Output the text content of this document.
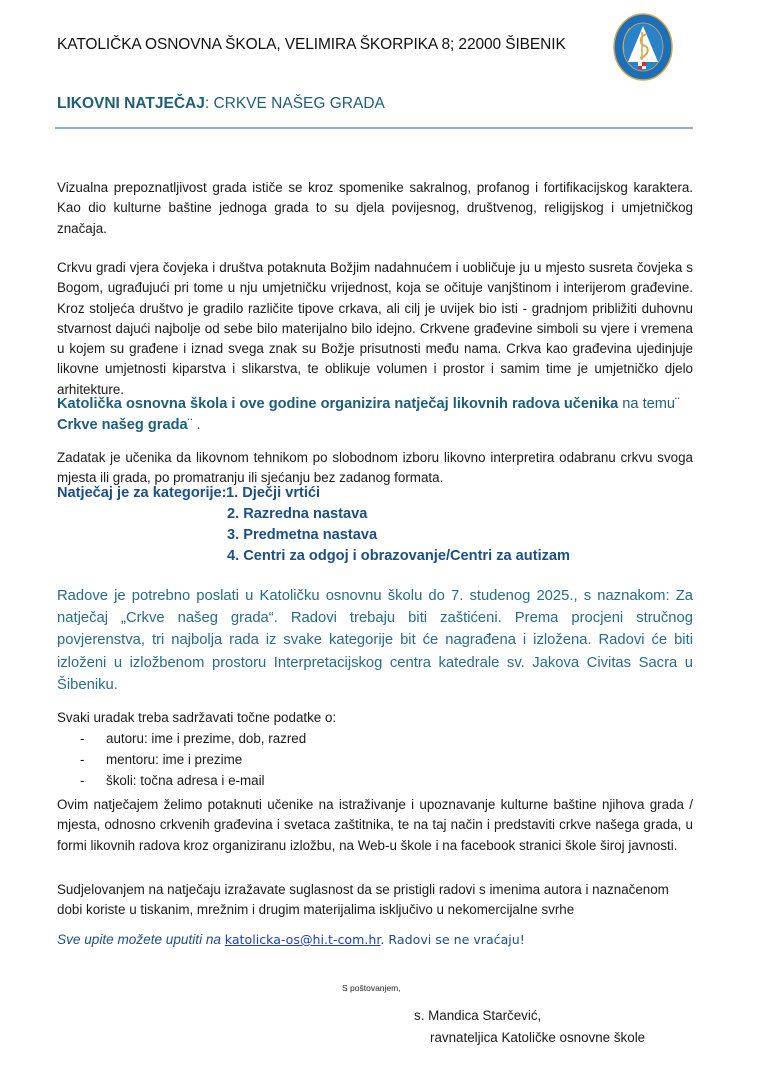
KATOLIČKA OSNOVNA ŠKOLA, VELIMIRA ŠKORPIKA 8; 22000 ŠIBENIK
LIKOVNI NATJEČAJ: CRKVE NAŠEG GRADA
Vizualna prepoznatljivost grada ističe se kroz spomenike sakralnog, profanog i fortifikacijskog karaktera. Kao dio kulturne baštine jednoga grada to su djela povijesnog, društvenog, religijskog i umjetničkog značaja.
Crkvu gradi vjera čovjeka i društva potaknuta Božjim nadahnućem i uobličuje ju u mjesto susreta čovjeka s Bogom, ugrađujući pri tome u nju umjetničku vrijednost, koja se očituje vanjštinom i interijerom građevine. Kroz stoljeća društvo je gradilo različite tipove crkava, ali cilj je uvijek bio isti - gradnjom približiti duhovnu stvarnost dajući najbolje od sebe bilo materijalno bilo idejno. Crkvene građevine simboli su vjere i vremena u kojem su građene i iznad svega znak su Božje prisutnosti među nama. Crkva kao građevina ujedinjuje likovne umjetnosti kiparstva i slikarstva, te oblikuje volumen i prostor i samim time je umjetničko djelo arhitekture.
Katolička osnovna škola i ove godine organizira natječaj likovnih radova učenika na temu¨ Crkve našeg grada¨ .
Zadatak je učenika da likovnom tehnikom po slobodnom izboru likovno interpretira odabranu crkvu svoga mjesta ili grada, po promatranju ili sjećanju bez zadanog formata.
Natječaj je za kategorije: 1. Dječji vrtići
2. Razredna nastava
3. Predmetna nastava
4. Centri za odgoj i obrazovanje/Centri za autizam
Radove je potrebno poslati u Katoličku osnovnu školu do 7. studenog 2025., s naznakom: Za natječaj „Crkve našeg grada“. Radovi trebaju biti zaštićeni. Prema procjeni stručnog povjerenstva, tri najbolja rada iz svake kategorije bit će nagrađena i izložena. Radovi će biti izloženi u izložbenom prostoru Interpretacijskog centra katedrale sv. Jakova Civitas Sacra u Šibeniku.
Svaki uradak treba sadržavati točne podatke o:
- autoru: ime i prezime, dob, razred
- mentoru: ime i prezime
- školi: točna adresa i e-mail
Ovim natječajem želimo potaknuti učenike na istraživanje i upoznavanje kulturne baštine njihova grada / mjesta, odnosno crkvenih građevina i svetaca zaštitnika, te na taj način i predstaviti crkve našega grada, u formi likovnih radova kroz organiziranu izložbu, na Web-u škole i na facebook stranici škole široj javnosti.
Sudjelovanjem na natječaju izražavate suglasnost da se pristigli radovi s imenima autora i naznačenom dobi koriste u tiskanim, mrežnim i drugim materijalima isključivo u nekomercijalne svrhe
Sve upite možete uputiti na katolicka-os@hi.t-com.hr. Radovi se ne vraćaju!
S poštovanjem,
s. Mandica Starčević,
ravnateljica Katoličke osnovne škole
